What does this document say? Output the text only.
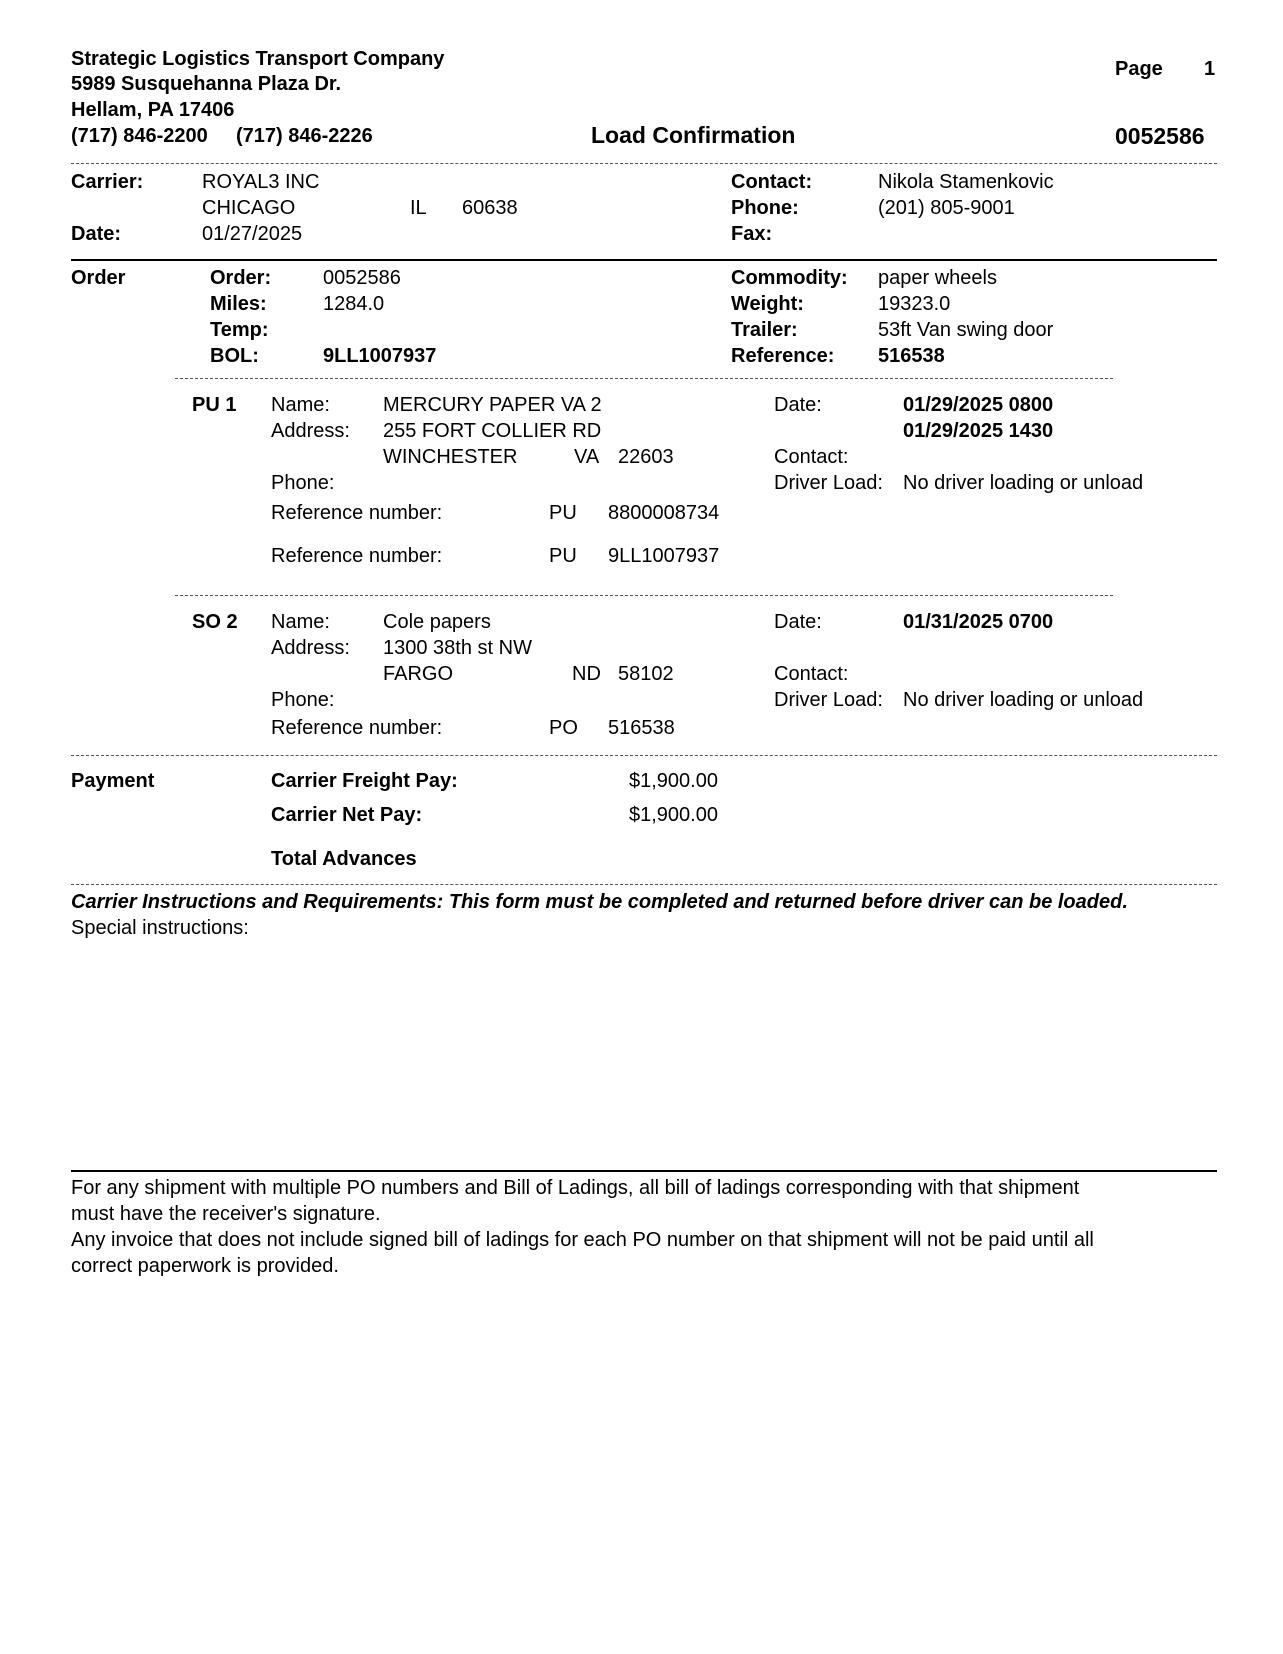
Strategic Logistics Transport Company
5989 Susquehanna Plaza Dr.
Hellam, PA 17406
(717) 846-2200 (717) 846-2226
Page 1
Load Confirmation	0052586
Carrier:	ROYAL3 INC
CHICAGO	IL 60638
Date:	01/27/2025
Contact:	Nikola Stamenkovic
Phone:	(201) 805-9001
Fax:
Order	Order:	0052586
Miles:	1284.0
Temp:
BOL:	9LL1007937
Commodity: paper wheels
Weight:	19323.0
Trailer:	53ft Van swing door
Reference: 516538
PU 1 Name:	MERCURY PAPER VA 2
Address: 255 FORT COLLIER RD
WINCHESTER	VA 22603
Phone:
Date:	01/29/2025 0800
01/29/2025 1430
Contact:
Driver Load: No driver loading or unload
Reference number:	PU 8800008734
Reference number:	PU 9LL1007937
SO 2 Name:	Cole papers
Address: 1300 38th st NW
FARGO	ND 58102
Phone:
Date:	01/31/2025 0700
Contact:
Driver Load: No driver loading or unload
Reference number:	PO 516538
Payment	Carrier Freight Pay:	$1,900.00
Carrier Net Pay:	$1,900.00
Total Advances
Carrier Instructions and Requirements: This form must be completed and returned before driver can be loaded.
Special instructions:
For any shipment with multiple PO numbers and Bill of Ladings, all bill of ladings corresponding with that shipment
must have the receiver's signature.
Any invoice that does not include signed bill of ladings for each PO number on that shipment will not be paid until all
correct paperwork is provided.
